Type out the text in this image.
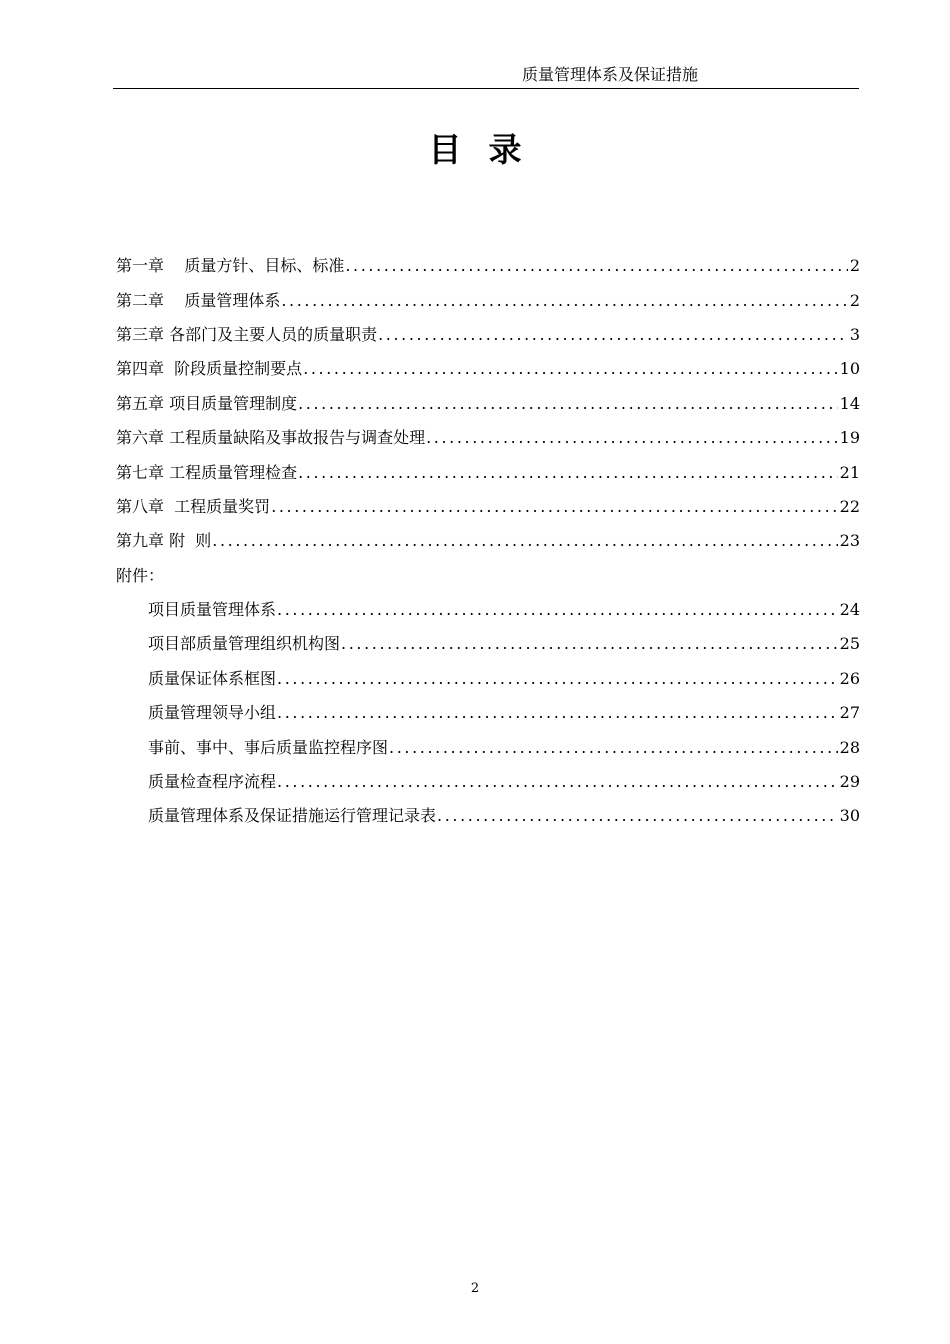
质量管理体系及保证措施
目录
第一章    质量方针、目标、标准 .....	2
第二章    质量管理体系 .....	2
第三章 各部门及主要人员的质量职责 .....	3
第四章  阶段质量控制要点 .....	10
第五章 项目质量管理制度 .....	14
第六章 工程质量缺陷及事故报告与调查处理 .....	19
第七章 工程质量管理检查 .....	21
第八章  工程质量奖罚 .....	22
第九章 附  则 .....	23
附件：
项目质量管理体系 .....	24
项目部质量管理组织机构图 .....	25
质量保证体系框图 .....	26
质量管理领导小组 .....	27
事前、事中、事后质量监控程序图 .....	28
质量检查程序流程 .....	29
质量管理体系及保证措施运行管理记录表 .....	30
2
